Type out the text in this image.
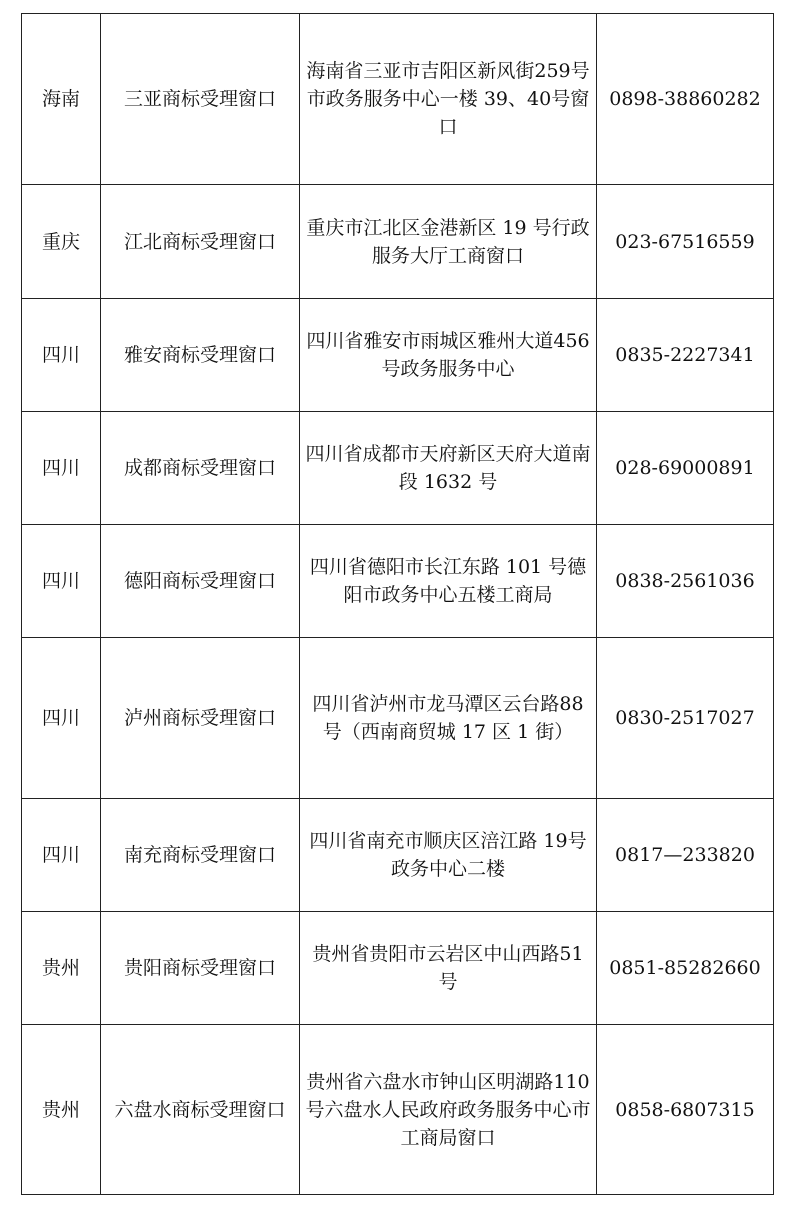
海南	三亚商标受理窗口	海南省三亚市吉阳区新风街259号市政务服务中心一楼 39、40号窗口	0898-38860282
重庆	江北商标受理窗口	重庆市江北区金港新区 19 号行政服务大厅工商窗口	023-67516559
四川	雅安商标受理窗口	四川省雅安市雨城区雅州大道456 号政务服务中心	0835-2227341
四川	成都商标受理窗口	四川省成都市天府新区天府大道南段 1632 号	028-69000891
四川	德阳商标受理窗口	四川省德阳市长江东路 101 号德阳市政务中心五楼工商局	0838-2561036
四川	泸州商标受理窗口	四川省泸州市龙马潭区云台路88 号（西南商贸城 17 区 1 街）	0830-2517027
四川	南充商标受理窗口	四川省南充市顺庆区涪江路 19号政务中心二楼	0817—233820
贵州	贵阳商标受理窗口	贵州省贵阳市云岩区中山西路51 号	0851-85282660
贵州	六盘水商标受理窗口	贵州省六盘水市钟山区明湖路110 号六盘水人民政府政务服务中心市工商局窗口	0858-6807315
